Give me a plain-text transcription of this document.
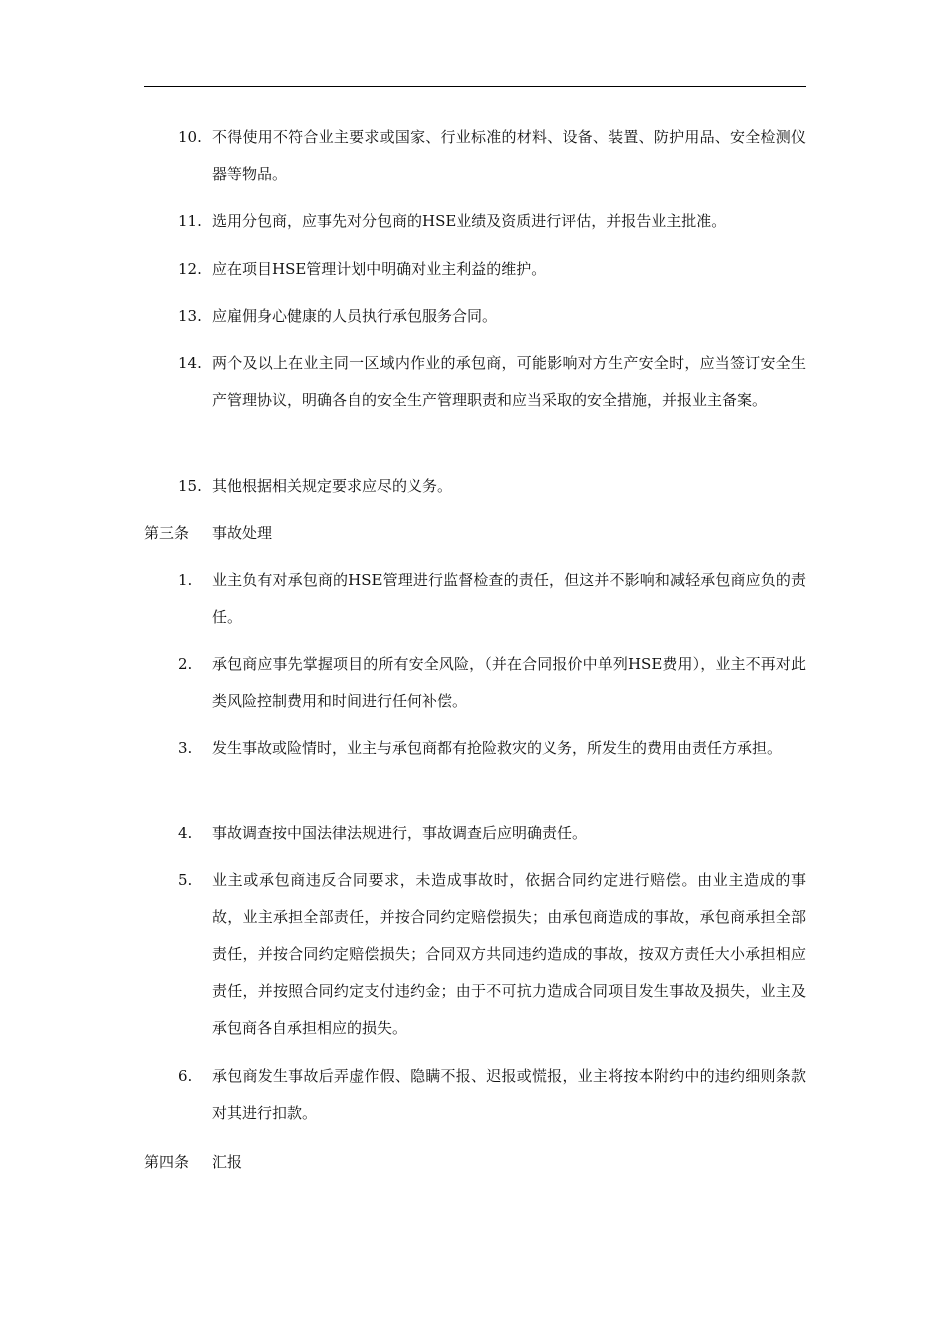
10. 不得使用不符合业主要求或国家、行业标准的材料、设备、装置、防护用品、安全检测仪器等物品。
11. 选用分包商，应事先对分包商的HSE业绩及资质进行评估，并报告业主批准。
12. 应在项目HSE管理计划中明确对业主利益的维护。
13. 应雇佣身心健康的人员执行承包服务合同。
14. 两个及以上在业主同一区域内作业的承包商，可能影响对方生产安全时，应当签订安全生产管理协议，明确各自的安全生产管理职责和应当采取的安全措施，并报业主备案。
15. 其他根据相关规定要求应尽的义务。
第三条 事故处理
1.	业主负有对承包商的HSE管理进行监督检查的责任，但这并不影响和减轻承包商应负的责任。
2.	承包商应事先掌握项目的所有安全风险，（并在合同报价中单列HSE费用），业主不再对此类风险控制费用和时间进行任何补偿。
3.	发生事故或险情时，业主与承包商都有抢险救灾的义务，所发生的费用由责任方承担。
4.	事故调查按中国法律法规进行，事故调查后应明确责任。
5.	业主或承包商违反合同要求，未造成事故时，依据合同约定进行赔偿。由业主造成的事故，业主承担全部责任，并按合同约定赔偿损失；由承包商造成的事故，承包商承担全部责任，并按合同约定赔偿损失；合同双方共同违约造成的事故，按双方责任大小承担相应责任，并按照合同约定支付违约金；由于不可抗力造成合同项目发生事故及损失，业主及承包商各自承担相应的损失。
6.	承包商发生事故后弄虚作假、隐瞒不报、迟报或慌报，业主将按本附约中的违约细则条款对其进行扣款。
第四条 汇报
